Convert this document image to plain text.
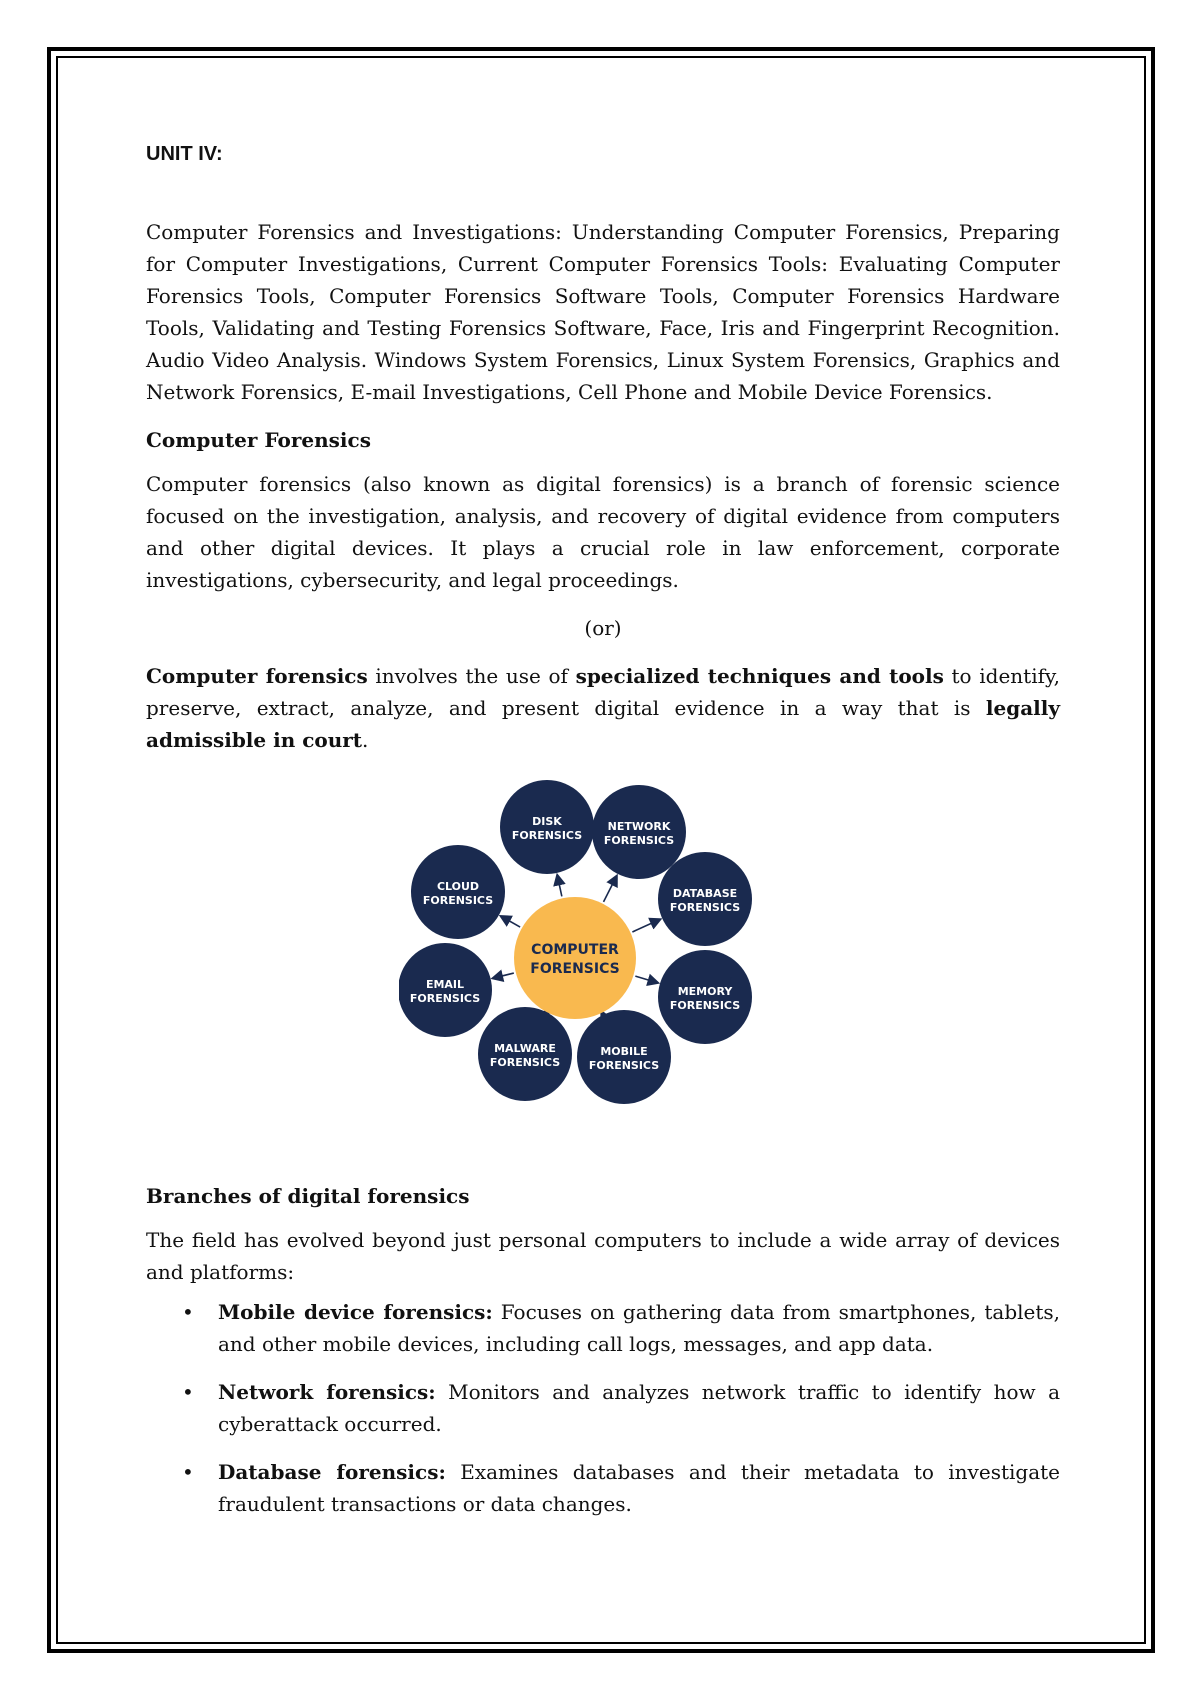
UNIT IV:

Computer Forensics and Investigations: Understanding Computer Forensics, Preparing for Computer Investigations, Current Computer Forensics Tools: Evaluating Computer Forensics Tools, Computer Forensics Software Tools, Computer Forensics Hardware Tools, Validating and Testing Forensics Software, Face, Iris and Fingerprint Recognition. Audio Video Analysis. Windows System Forensics, Linux System Forensics, Graphics and Network Forensics, E-mail Investigations, Cell Phone and Mobile Device Forensics.

Computer Forensics

Computer forensics (also known as digital forensics) is a branch of forensic science focused on the investigation, analysis, and recovery of digital evidence from computers and other digital devices. It plays a crucial role in law enforcement, corporate investigations, cybersecurity, and legal proceedings.

(or)

Computer forensics involves the use of specialized techniques and tools to identify, preserve, extract, analyze, and present digital evidence in a way that is legally admissible in court.

DISK
FORENSICS
NETWORK
FORENSICS
DATABASE
FORENSICS
MEMORY
FORENSICS
MOBILE
FORENSICS
MALWARE
FORENSICS
EMAIL
FORENSICS
CLOUD
FORENSICS
COMPUTER
FORENSICS
Branches of digital forensics

The field has evolved beyond just personal computers to include a wide array of devices and platforms:

• Mobile device forensics: Focuses on gathering data from smartphones, tablets, and other mobile devices, including call logs, messages, and app data.
• Network forensics: Monitors and analyzes network traffic to identify how a cyberattack occurred.
• Database forensics: Examines databases and their metadata to investigate fraudulent transactions or data changes.
